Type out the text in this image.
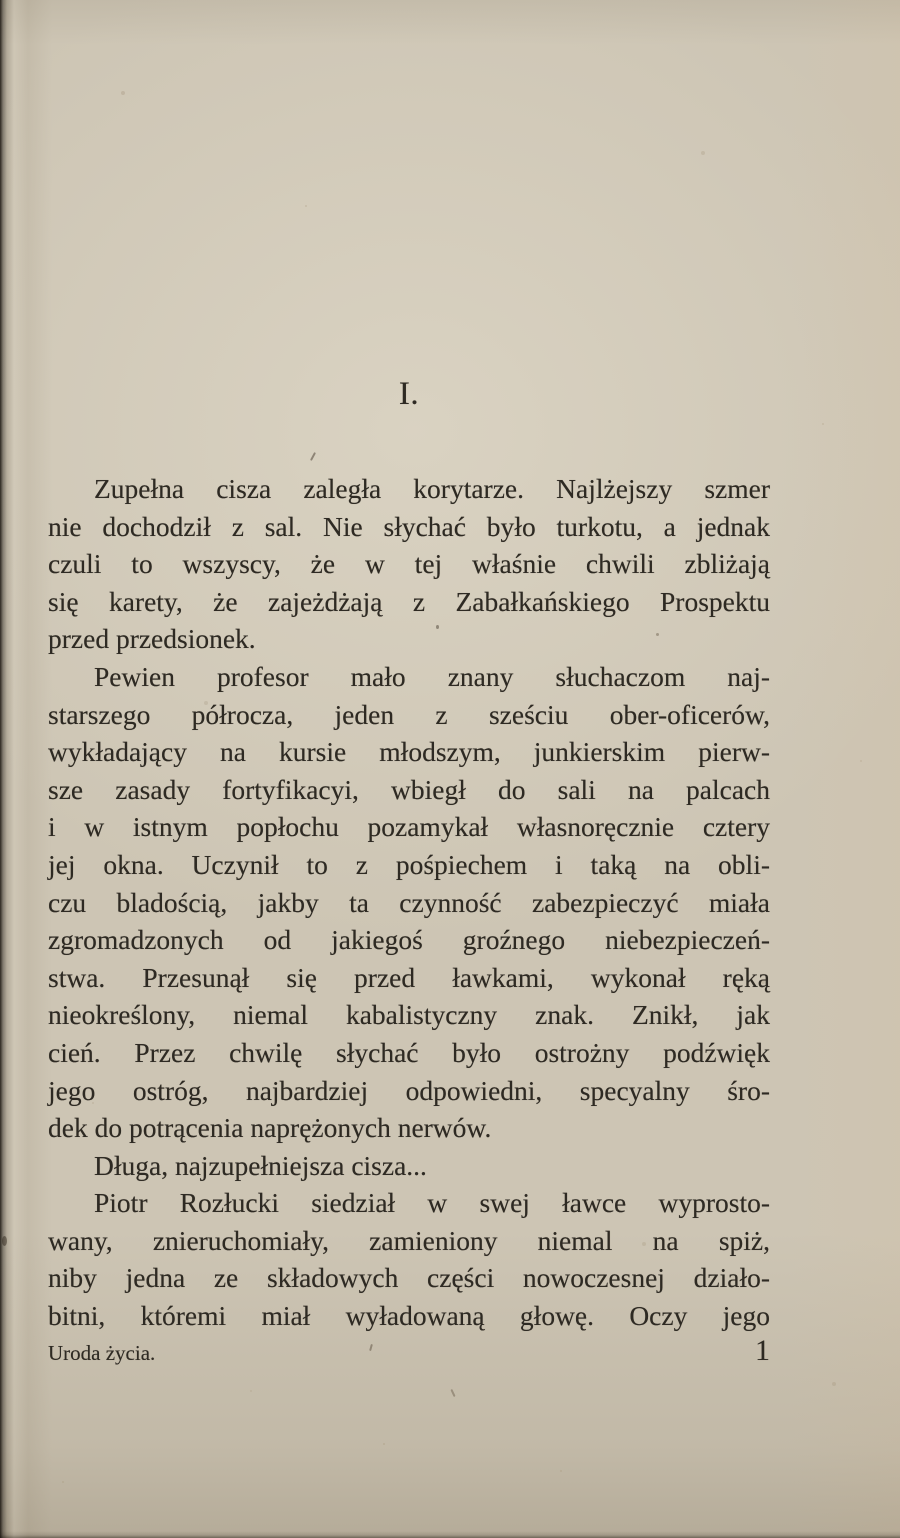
I.
Zupełna cisza zaległa korytarze. Najlżejszy szmer
nie dochodził z sal. Nie słychać było turkotu, a jednak
czuli to wszyscy, że w tej właśnie chwili zbliżają
się karety, że zajeżdżają z Zabałkańskiego Prospektu
przed przedsionek.
Pewien profesor mało znany słuchaczom naj-
starszego półrocza, jeden z sześciu ober-oficerów,
wykładający na kursie młodszym, junkierskim pierw-
sze zasady fortyfikacyi, wbiegł do sali na palcach
i w istnym popłochu pozamykał własnoręcznie cztery
jej okna. Uczynił to z pośpiechem i taką na obli-
czu bladością, jakby ta czynność zabezpieczyć miała
zgromadzonych od jakiegoś groźnego niebezpieczeń-
stwa. Przesunął się przed ławkami, wykonał ręką
nieokreślony, niemal kabalistyczny znak. Znikł, jak
cień. Przez chwilę słychać było ostrożny podźwięk
jego ostróg, najbardziej odpowiedni, specyalny śro-
dek do potrącenia naprężonych nerwów.
Długa, najzupełniejsza cisza...
Piotr Rozłucki siedział w swej ławce wyprosto-
wany, znieruchomiały, zamieniony niemal na spiż,
niby jedna ze składowych części nowoczesnej działo-
bitni, któremi miał wyładowaną głowę. Oczy jego
Uroda życia.	1
